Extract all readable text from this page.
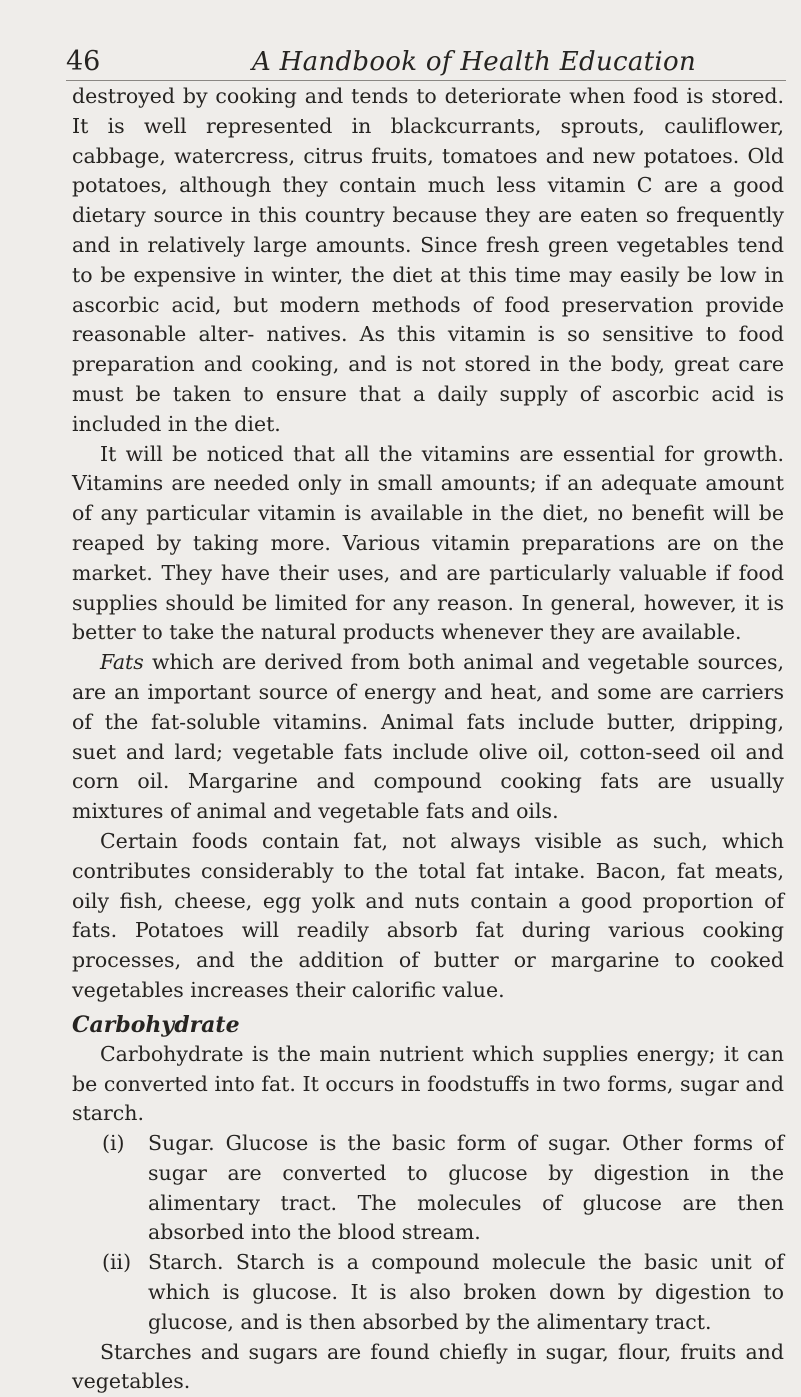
46	A Handbook of Health Education

destroyed by cooking and tends to deteriorate when food is stored. It is well represented in blackcurrants, sprouts, cauliflower, cabbage, watercress, citrus fruits, tomatoes and new potatoes. Old potatoes, although they contain much less vitamin C are a good dietary source in this country because they are eaten so frequently and in relatively large amounts. Since fresh green vegetables tend to be expensive in winter, the diet at this time may easily be low in ascorbic acid, but modern methods of food preservation provide reasonable alter- natives. As this vitamin is so sensitive to food preparation and cooking, and is not stored in the body, great care must be taken to ensure that a daily supply of ascorbic acid is included in the diet.

It will be noticed that all the vitamins are essential for growth. Vitamins are needed only in small amounts; if an adequate amount of any particular vitamin is available in the diet, no benefit will be reaped by taking more. Various vitamin preparations are on the market. They have their uses, and are particularly valuable if food supplies should be limited for any reason. In general, however, it is better to take the natural products whenever they are available.

Fats which are derived from both animal and vegetable sources, are an important source of energy and heat, and some are carriers of the fat-soluble vitamins. Animal fats include butter, dripping, suet and lard; vegetable fats include olive oil, cotton-seed oil and corn oil. Margarine and compound cooking fats are usually mixtures of animal and vegetable fats and oils.

Certain foods contain fat, not always visible as such, which contributes considerably to the total fat intake. Bacon, fat meats, oily fish, cheese, egg yolk and nuts contain a good proportion of fats. Potatoes will readily absorb fat during various cooking processes, and the addition of butter or margarine to cooked vegetables increases their calorific value.

Carbohydrate

Carbohydrate is the main nutrient which supplies energy; it can be converted into fat. It occurs in foodstuffs in two forms, sugar and starch.

(i)	Sugar. Glucose is the basic form of sugar. Other forms of sugar are converted to glucose by digestion in the alimentary tract. The molecules of glucose are then absorbed into the blood stream.
(ii) Starch. Starch is a compound molecule the basic unit of which is glucose. It is also broken down by digestion to glucose, and is then absorbed by the alimentary tract.

Starches and sugars are found chiefly in sugar, flour, fruits and vegetables.
